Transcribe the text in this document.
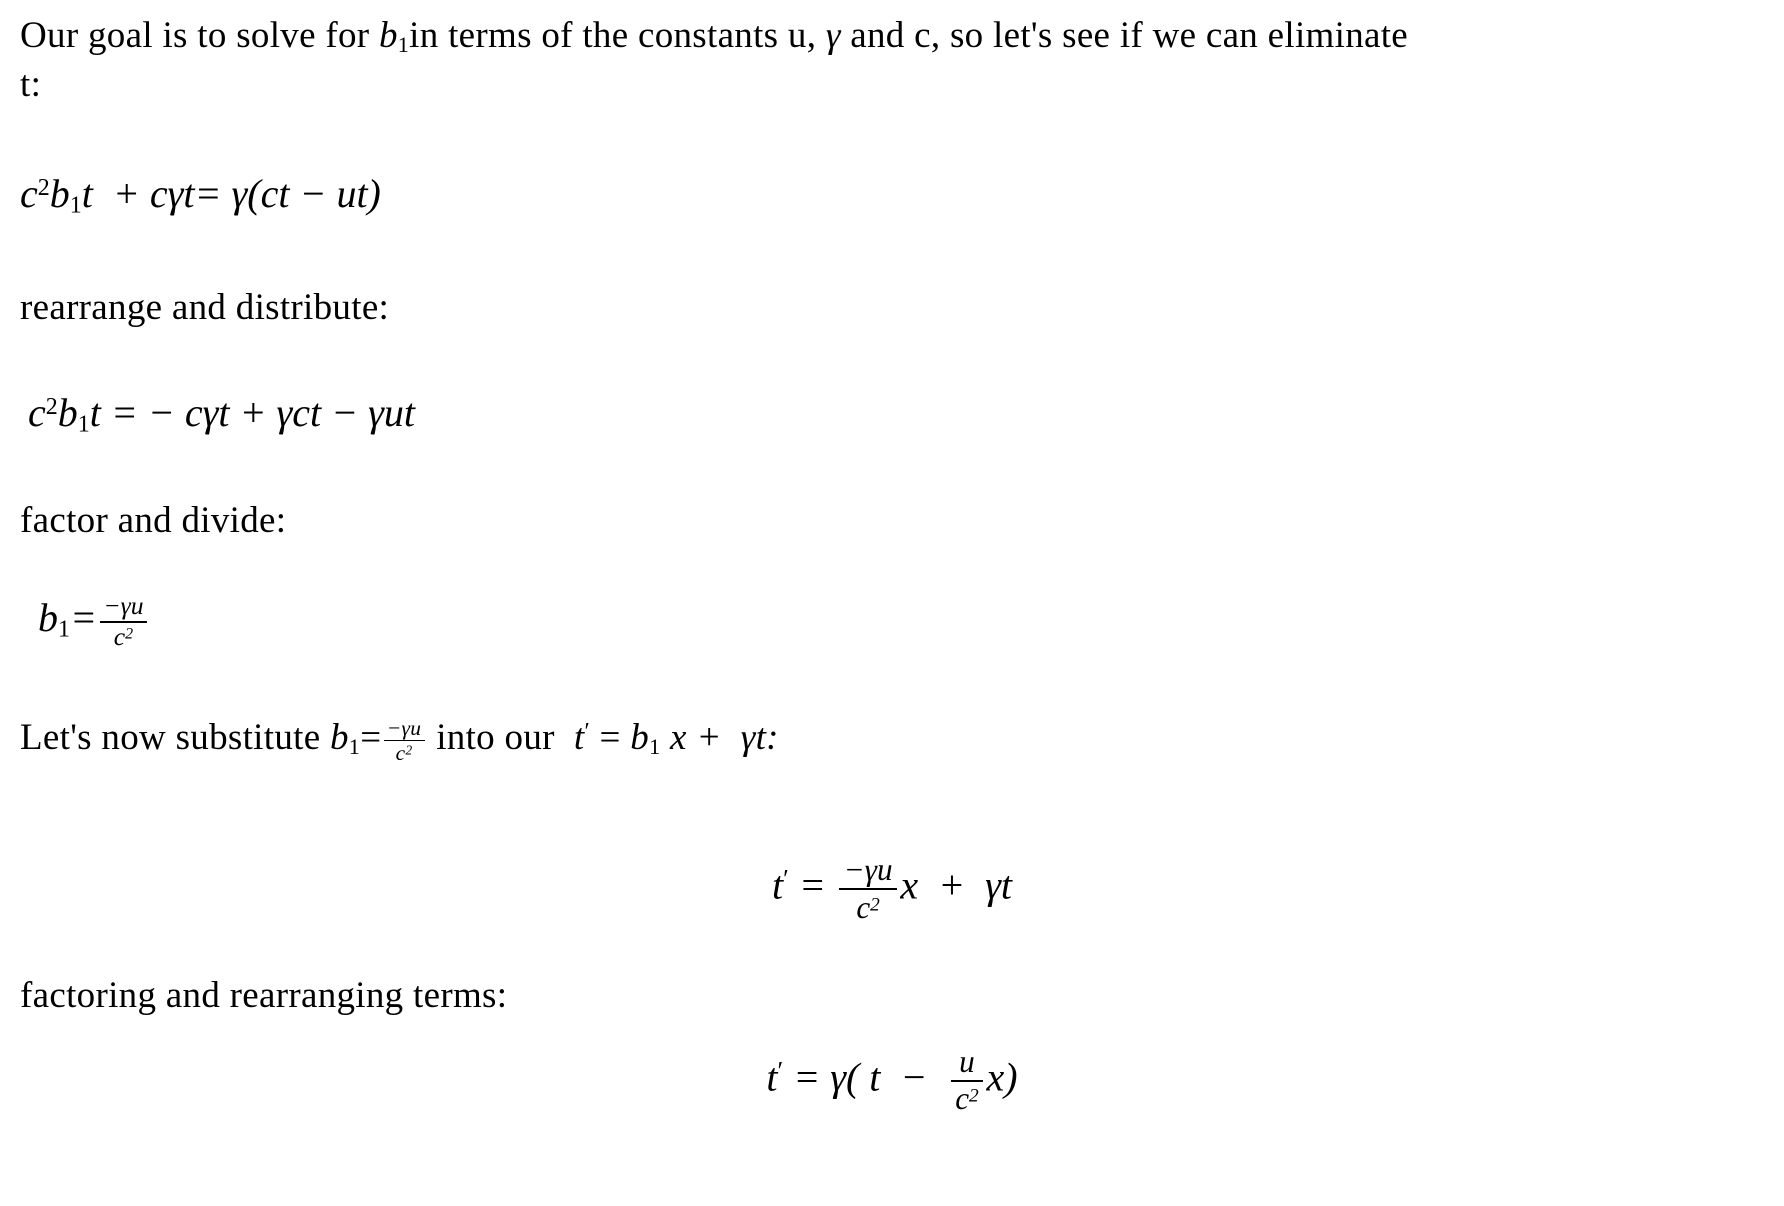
Our goal is to solve for $b_1in$ terms of the constants u, γ and c, so let's see if we can eliminate
t:
$c^2b_1t + c\gamma t= \gamma(ct - ut)$
rearrange and distribute:
$c^2b_1t$ = − cγt + γct − γut
factor and divide:
$b_1= \frac{-\gamma u}{c^2}$
Let's now substitute $b_1= \frac{-\gamma u}{c^2}$ into our  $t' = b_1$ x +  γt:
$t' = \frac{-\gamma u}{c^2}$ x  +  γt
factoring and rearranging terms:
t′ = γ( $t - \frac{u}{c^2} x$)
